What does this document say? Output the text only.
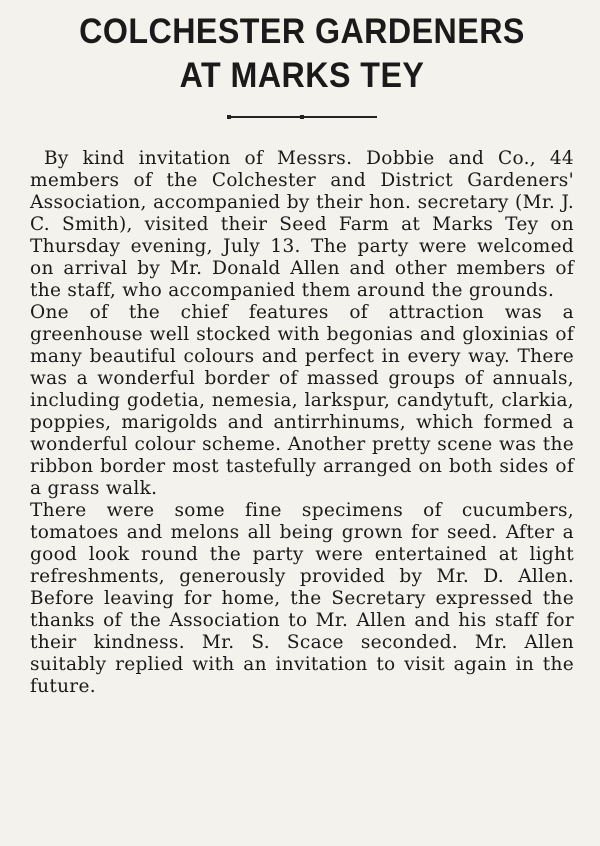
COLCHESTER GARDENERS
AT MARKS TEY

By kind invitation of Messrs. Dobbie and Co., 44 members of the Colchester and District Gardeners' Association, accompanied by their hon. secretary (Mr. J. C. Smith), visited their Seed Farm at Marks Tey on Thursday evening, July 13. The party were welcomed on arrival by Mr. Donald Allen and other members of the staff, who accompanied them around the grounds.

One of the chief features of attraction was a greenhouse well stocked with begonias and gloxinias of many beautiful colours and perfect in every way. There was a wonderful border of massed groups of annuals, including godetia, nemesia, larkspur, candytuft, clarkia, poppies, marigolds and antirrhinums, which formed a wonderful colour scheme. Another pretty scene was the ribbon border most tastefully arranged on both sides of a grass walk.

There were some fine specimens of cucumbers, tomatoes and melons all being grown for seed. After a good look round the party were entertained at light refreshments, generously provided by Mr. D. Allen. Before leaving for home, the Secretary expressed the thanks of the Association to Mr. Allen and his staff for their kindness. Mr. S. Scace seconded. Mr. Allen suitably replied with an invitation to visit again in the future.
